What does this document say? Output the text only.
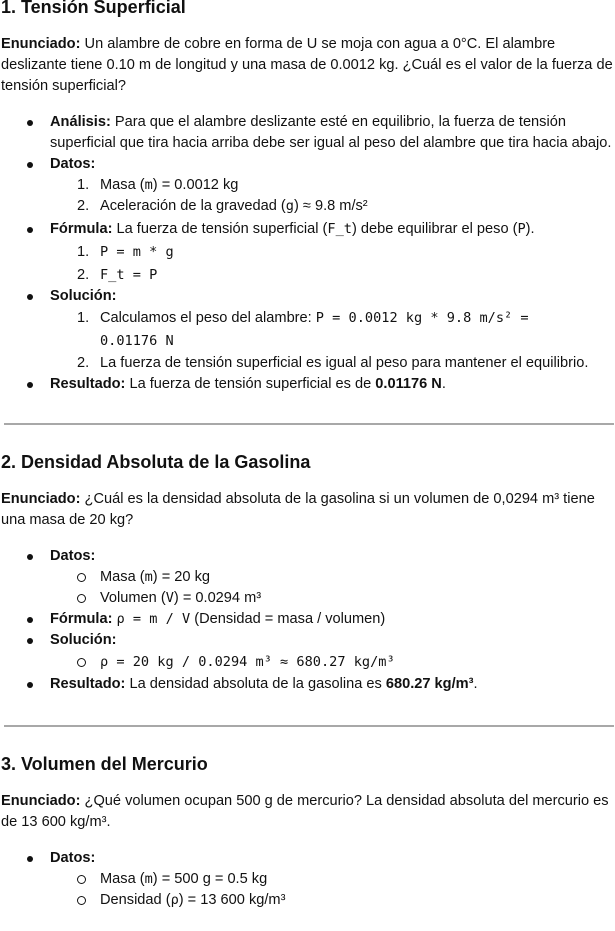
1. Tensión Superficial

Enunciado: Un alambre de cobre en forma de U se moja con agua a 0°C. El alambre deslizante tiene 0.10 m de longitud y una masa de 0.0012 kg. ¿Cuál es el valor de la fuerza de tensión superficial?

Análisis: Para que el alambre deslizante esté en equilibrio, la fuerza de tensión superficial que tira hacia arriba debe ser igual al peso del alambre que tira hacia abajo.
Datos:
1. Masa (m) = 0.0012 kg
2. Aceleración de la gravedad (g) ≈ 9.8 m/s²
Fórmula: La fuerza de tensión superficial (F_t) debe equilibrar el peso (P).
1. P = m * g
2. F_t = P
Solución:
1. Calculamos el peso del alambre: P = 0.0012 kg * 9.8 m/s² = 0.01176 N
2. La fuerza de tensión superficial es igual al peso para mantener el equilibrio.
Resultado: La fuerza de tensión superficial es de 0.01176 N.
2. Densidad Absoluta de la Gasolina

Enunciado: ¿Cuál es la densidad absoluta de la gasolina si un volumen de 0,0294 m³ tiene una masa de 20 kg?

Datos:
Masa (m) = 20 kg
Volumen (V) = 0.0294 m³
Fórmula: ρ = m / V (Densidad = masa / volumen)
Solución:
ρ = 20 kg / 0.0294 m³ ≈ 680.27 kg/m³
Resultado: La densidad absoluta de la gasolina es 680.27 kg/m³.
3. Volumen del Mercurio

Enunciado: ¿Qué volumen ocupan 500 g de mercurio? La densidad absoluta del mercurio es de 13 600 kg/m³.

Datos:
Masa (m) = 500 g = 0.5 kg
Densidad (ρ) = 13 600 kg/m³
